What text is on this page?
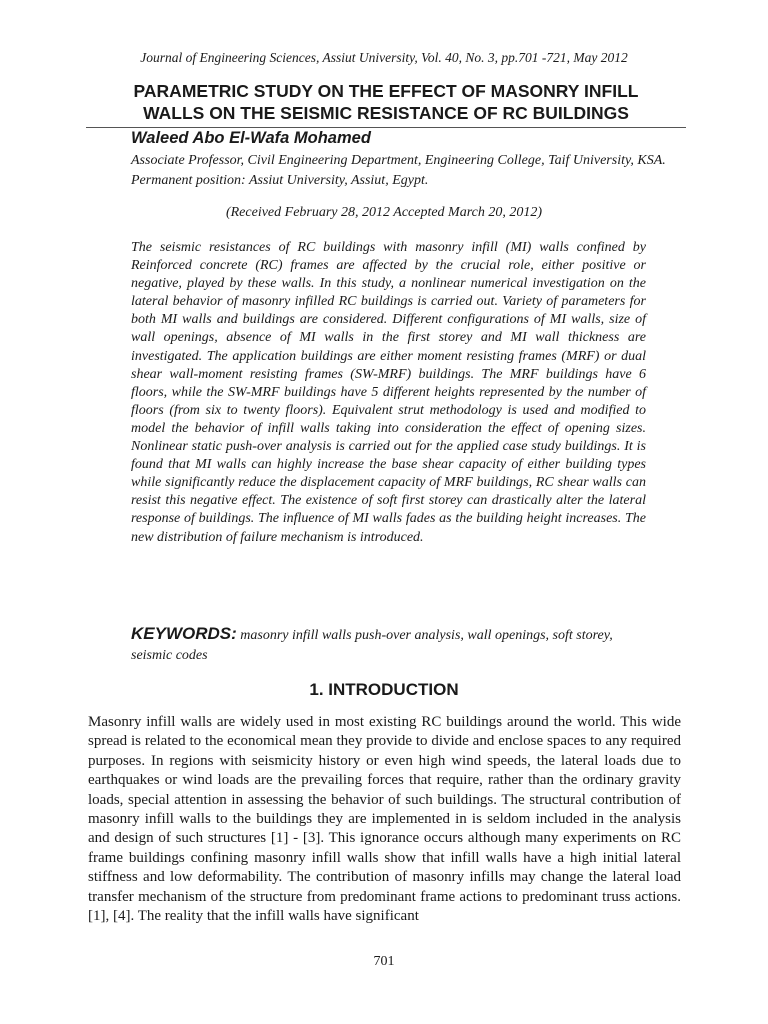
Journal of Engineering Sciences, Assiut University, Vol. 40, No. 3, pp.701 -721, May 2012
PARAMETRIC STUDY ON THE EFFECT OF MASONRY INFILL
WALLS ON THE SEISMIC RESISTANCE OF RC BUILDINGS
Waleed Abo El-Wafa Mohamed
Associate Professor, Civil Engineering Department, Engineering College, Taif University, KSA. Permanent position: Assiut University, Assiut, Egypt.
(Received February 28, 2012 Accepted March 20, 2012)

The seismic resistances of RC buildings with masonry infill (MI) walls confined by Reinforced concrete (RC) frames are affected by the crucial role, either positive or negative, played by these walls. In this study, a nonlinear numerical investigation on the lateral behavior of masonry infilled RC buildings is carried out. Variety of parameters for both MI walls and buildings are considered. Different configurations of MI walls, size of wall openings, absence of MI walls in the first storey and MI wall thickness are investigated. The application buildings are either moment resisting frames (MRF) or dual shear wall-moment resisting frames (SW-MRF) buildings. The MRF buildings have 6 floors, while the SW-MRF buildings have 5 different heights represented by the number of floors (from six to twenty floors). Equivalent strut methodology is used and modified to model the behavior of infill walls taking into consideration the effect of opening sizes. Nonlinear static push-over analysis is carried out for the applied case study buildings. It is found that MI walls can highly increase the base shear capacity of either building types while significantly reduce the displacement capacity of MRF buildings, RC shear walls can resist this negative effect. The existence of soft first storey can drastically alter the lateral response of buildings. The influence of MI walls fades as the building height increases. The new distribution of failure mechanism is introduced.

KEYWORDS: masonry infill walls push-over analysis, wall openings, soft storey, seismic codes
1. INTRODUCTION

Masonry infill walls are widely used in most existing RC buildings around the world. This wide spread is related to the economical mean they provide to divide and enclose spaces to any required purposes. In regions with seismicity history or even high wind speeds, the lateral loads due to earthquakes or wind loads are the prevailing forces that require, rather than the ordinary gravity loads, special attention in assessing the behavior of such buildings. The structural contribution of masonry infill walls to the buildings they are implemented in is seldom included in the analysis and design of such structures [1] - [3]. This ignorance occurs although many experiments on RC frame buildings confining masonry infill walls show that infill walls have a high initial lateral stiffness and low deformability. The contribution of masonry infills may change the lateral load transfer mechanism of the structure from predominant frame actions to predominant truss actions. [1], [4]. The reality that the infill walls have significant

701
